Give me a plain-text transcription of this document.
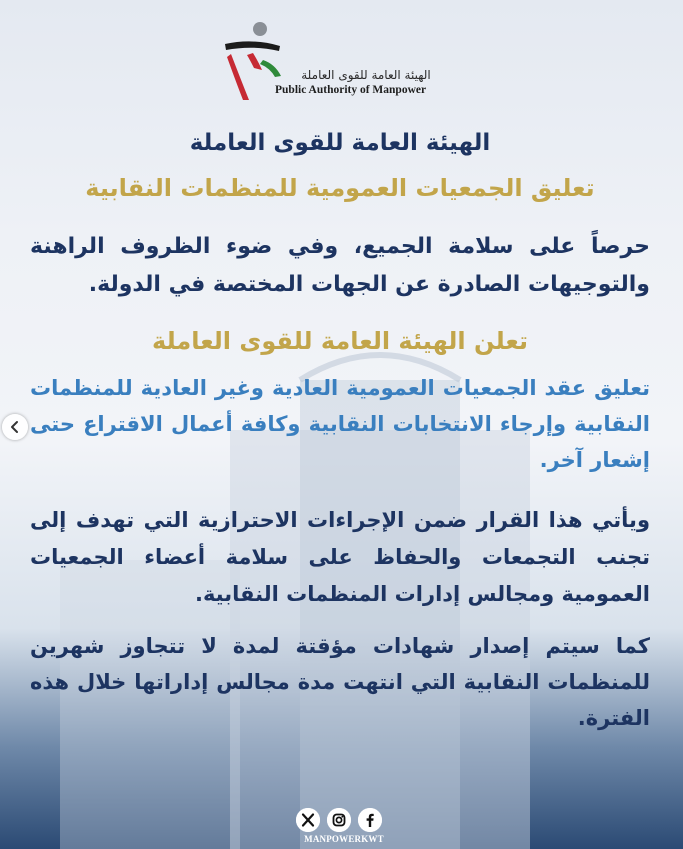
الهيئة العامة للقوى العاملة
Public Authority of Manpower
الهيئة العامة للقوى العاملة
تعليق الجمعيات العمومية للمنظمات النقابية
حرصاً على سلامة الجميع، وفي ضوء الظروف الراهنة والتوجيهات الصادرة عن الجهات المختصة في الدولة.
تعلن الهيئة العامة للقوى العاملة
تعليق عقد الجمعيات العمومية العادية وغير العادية للمنظمات النقابية وإرجاء الانتخابات النقابية وكافة أعمال الاقتراع حتى إشعار آخر.
ويأتي هذا القرار ضمن الإجراءات الاحترازية التي تهدف إلى تجنب التجمعات والحفاظ على سلامة أعضاء الجمعيات العمومية ومجالس إدارات المنظمات النقابية.
كما سيتم إصدار شهادات مؤقتة لمدة لا تتجاوز شهرين للمنظمات النقابية التي انتهت مدة مجالس إداراتها خلال هذه الفترة.
MANPOWERKWT
